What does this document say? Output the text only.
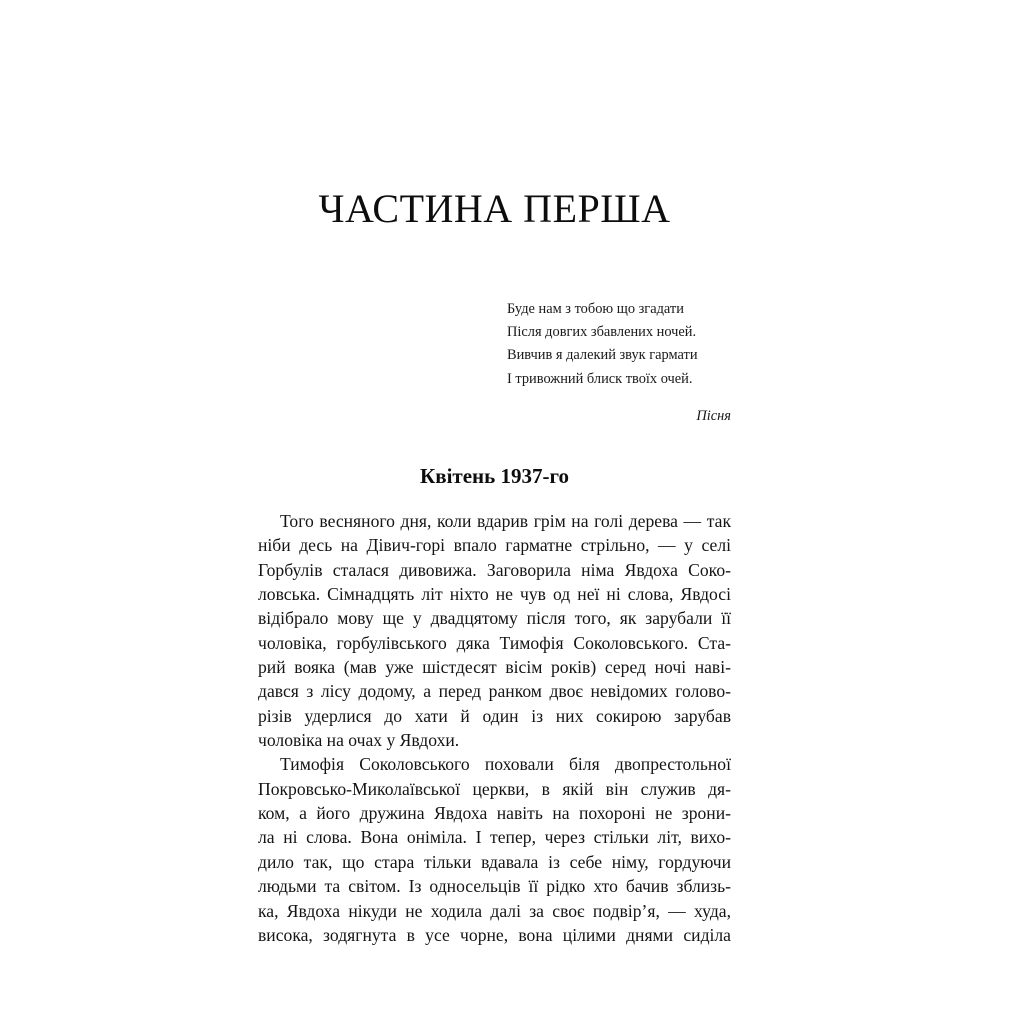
ЧАСТИНА ПЕРША
Буде нам з тобою що згадати
Після довгих збавлених ночей.
Вивчив я далекий звук гармати
І тривожний блиск твоїх очей.
Пісня
Квітень 1937-го

Того весняного дня, коли вдарив грім на голі дерева — так
ніби десь на Дівич-горі впало гарматне стрільно, — у селі
Горбулів сталася дивовижа. Заговорила німа Явдоха Соко-
ловська. Сімнадцять літ ніхто не чув од неї ні слова, Явдосі
відібрало мову ще у двадцятому після того, як зарубали її
чоловіка, горбулівського дяка Тимофія Соколовського. Ста-
рий вояка (мав уже шістдесят вісім років) серед ночі наві-
дався з лісу додому, а перед ранком двоє невідомих голово-
різів удерлися до хати й один із них сокирою зарубав
чоловіка на очах у Явдохи.

Тимофія Соколовського поховали біля двопрестольної
Покровсько-Миколаївської церкви, в якій він служив дя-
ком, а його дружина Явдоха навіть на похороні не зрони-
ла ні слова. Вона оніміла. І тепер, через стільки літ, вихо-
дило так, що стара тільки вдавала із себе німу, гордуючи
людьми та світом. Із односельців її рідко хто бачив зблизь-
ка, Явдоха нікуди не ходила далі за своє подвір’я, — худа,
висока, зодягнута в усе чорне, вона цілими днями сиділа
